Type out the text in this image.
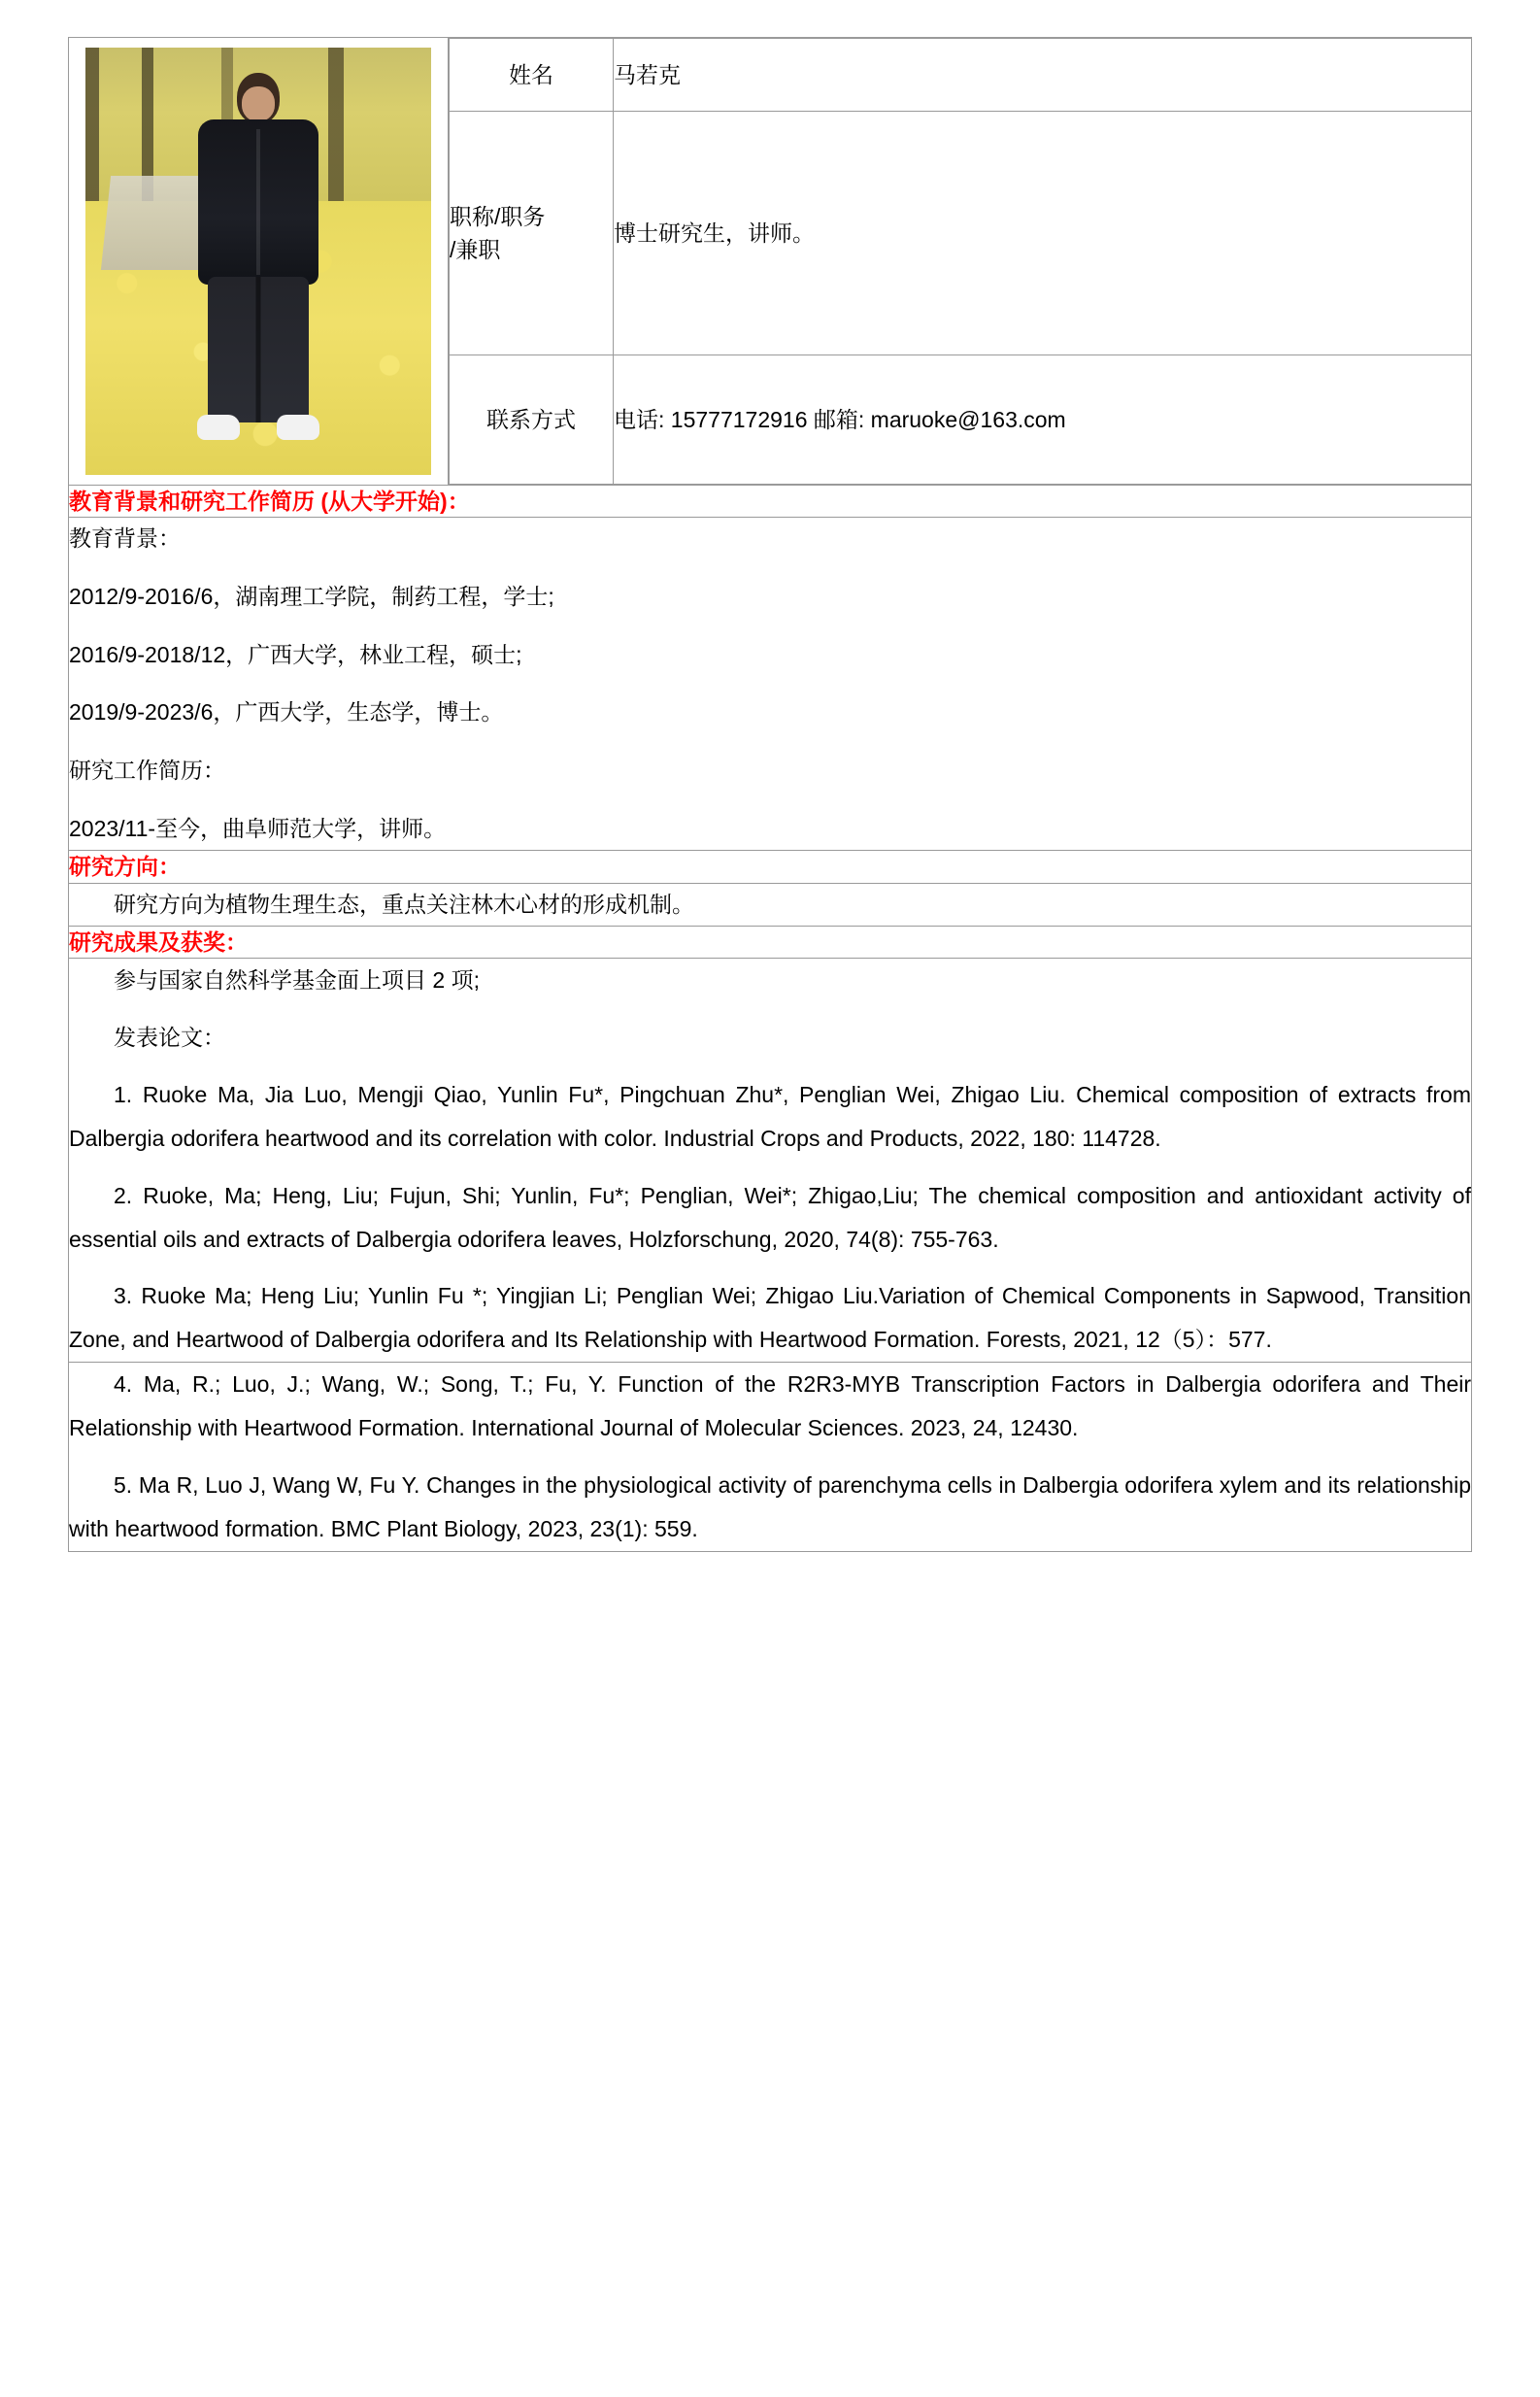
姓名	马若克

职称/职务
/兼职
	博士研究生，讲师。
联系方式	电话: 15777172916 邮箱: maruoke@163.com

教育背景和研究工作简历 (从大学开始)：

教育背景：

2012/9-2016/6，湖南理工学院，制药工程，学士;

2016/9-2018/12，广西大学，林业工程，硕士;

2019/9-2023/6，广西大学，生态学，博士。

研究工作简历：

2023/11-至今，曲阜师范大学，讲师。

研究方向：

研究方向为植物生理生态，重点关注林木心材的形成机制。

研究成果及获奖：

参与国家自然科学基金面上项目 2 项;

发表论文：

1. Ruoke Ma, Jia Luo, Mengji Qiao, Yunlin Fu*, Pingchuan Zhu*, Penglian Wei, Zhigao Liu. Chemical composition of extracts from Dalbergia odorifera heartwood and its correlation with color. Industrial Crops and Products, 2022, 180: 114728.

2. Ruoke, Ma; Heng, Liu; Fujun, Shi; Yunlin, Fu*; Penglian, Wei*; Zhigao,Liu; The chemical composition and antioxidant activity of essential oils and extracts of Dalbergia odorifera leaves, Holzforschung, 2020, 74(8): 755-763.

3. Ruoke Ma; Heng Liu; Yunlin Fu *; Yingjian Li; Penglian Wei; Zhigao Liu.Variation of Chemical Components in Sapwood, Transition Zone, and Heartwood of Dalbergia odorifera and Its Relationship with Heartwood Formation. Forests, 2021, 12（5）：577.

4. Ma, R.; Luo, J.; Wang, W.; Song, T.; Fu, Y. Function of the R2R3-MYB Transcription Factors in Dalbergia odorifera and Their Relationship with Heartwood Formation. International Journal of Molecular Sciences. 2023, 24, 12430.

5. Ma R, Luo J, Wang W, Fu Y. Changes in the physiological activity of parenchyma cells in Dalbergia odorifera xylem and its relationship with heartwood formation. BMC Plant Biology, 2023, 23(1): 559.
